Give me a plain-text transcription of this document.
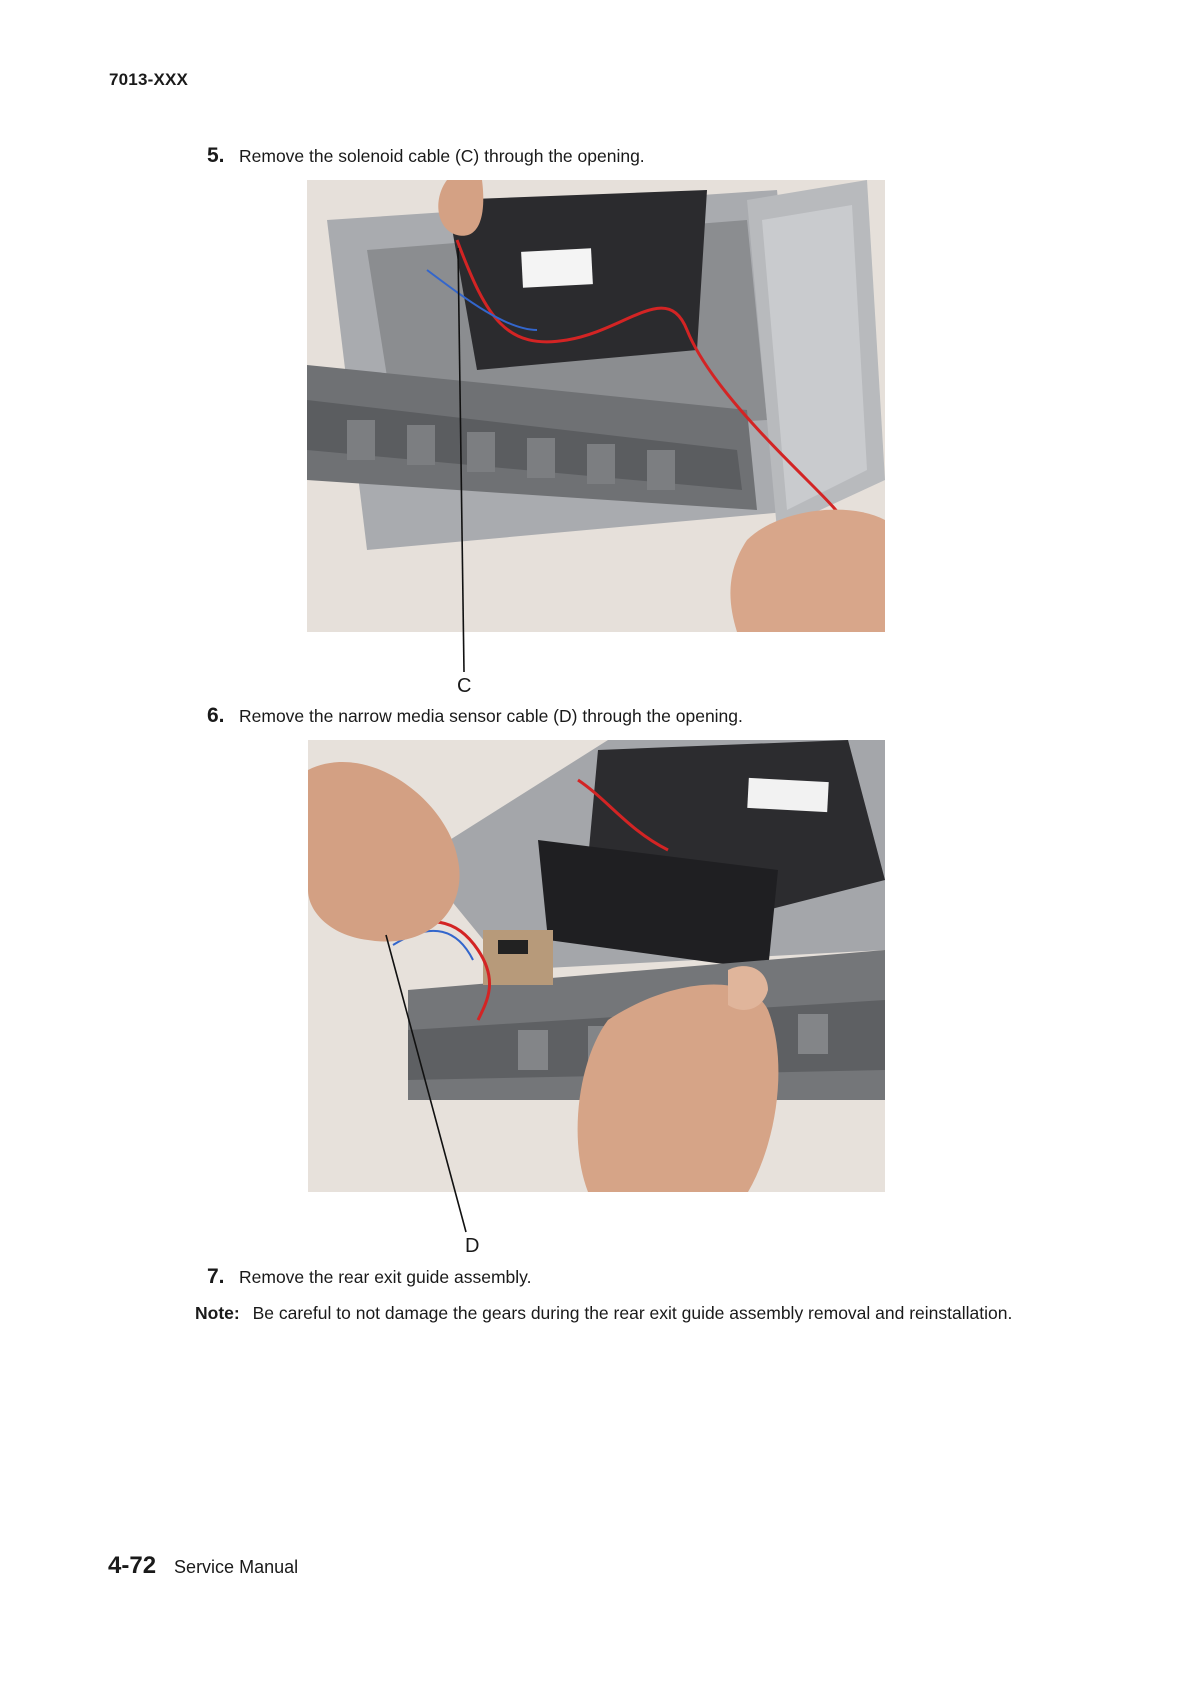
7013-XXX
5. Remove the solenoid cable (C) through the opening.
C
6. Remove the narrow media sensor cable (D) through the opening.
D
7. Remove the rear exit guide assembly.
Note: Be careful to not damage the gears during the rear exit guide assembly removal and reinstallation.
4-72 Service Manual
